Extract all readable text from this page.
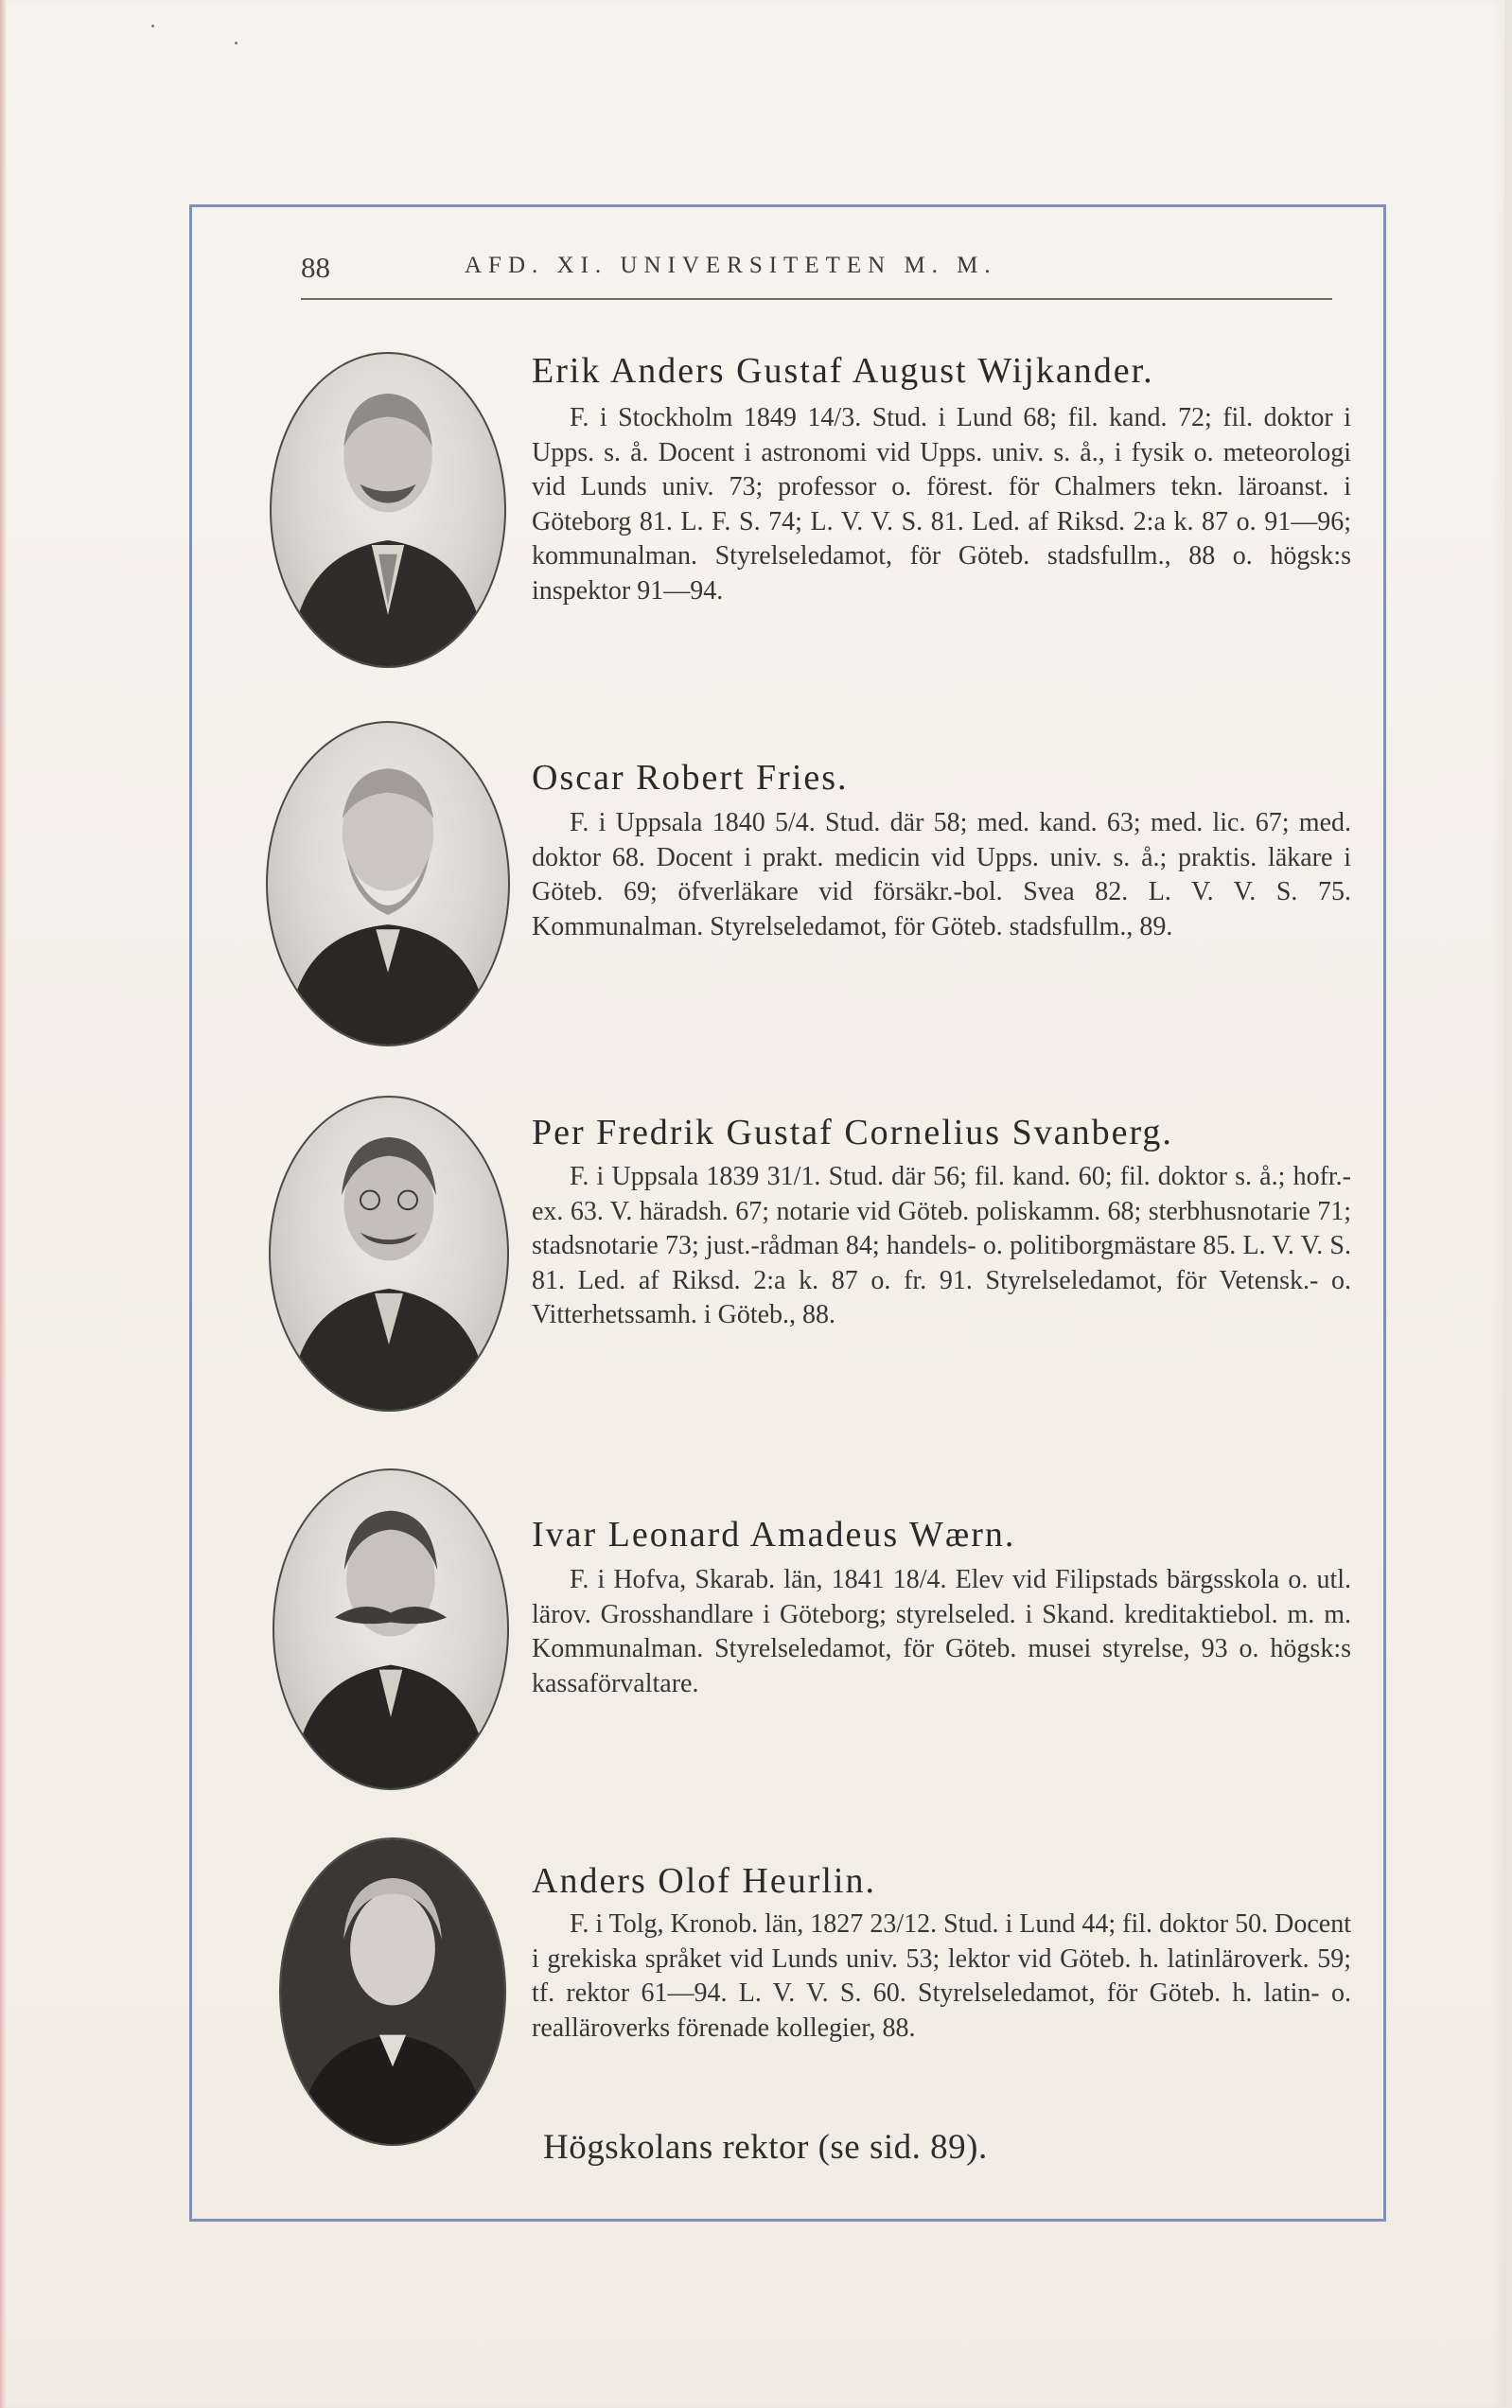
88	AFD. XI. UNIVERSITETEN M. M.
Erik Anders Gustaf August Wijkander.
F. i Stockholm 1849 14/3. Stud. i Lund 68; fil. kand. 72; fil. doktor i Upps. s. å. Docent i astronomi vid Upps. univ. s. å., i fysik o. meteorologi vid Lunds univ. 73; professor o. förest. för Chalmers tekn. läroanst. i Göteborg 81. L. F. S. 74; L. V. V. S. 81. Led. af Riksd. 2:a k. 87 o. 91—96; kommunalman. Styrelseledamot, för Göteb. stadsfullm., 88 o. högsk:s inspektor 91—94.
Oscar Robert Fries.
F. i Uppsala 1840 5/4. Stud. där 58; med. kand. 63; med. lic. 67; med. doktor 68. Docent i prakt. medicin vid Upps. univ. s. å.; praktis. läkare i Göteb. 69; öfverläkare vid försäkr.-bol. Svea 82. L. V. V. S. 75. Kommunalman. Styrelseledamot, för Göteb. stadsfullm., 89.
Per Fredrik Gustaf Cornelius Svanberg.
F. i Uppsala 1839 31/1. Stud. där 56; fil. kand. 60; fil. doktor s. å.; hofr.-ex. 63. V. häradsh. 67; notarie vid Göteb. poliskamm. 68; sterbhusnotarie 71; stadsnotarie 73; just.-rådman 84; handels- o. politiborgmästare 85. L. V. V. S. 81. Led. af Riksd. 2:a k. 87 o. fr. 91. Styrelseledamot, för Vetensk.- o. Vitterhetssamh. i Göteb., 88.
Ivar Leonard Amadeus Wærn.
F. i Hofva, Skarab. län, 1841 18/4. Elev vid Filipstads bärgsskola o. utl. lärov. Grosshandlare i Göteborg; styrelseled. i Skand. kreditaktiebol. m. m. Kommunalman. Styrelseledamot, för Göteb. musei styrelse, 93 o. högsk:s kassaförvaltare.
Anders Olof Heurlin.
F. i Tolg, Kronob. län, 1827 23/12. Stud. i Lund 44; fil. doktor 50. Docent i grekiska språket vid Lunds univ. 53; lektor vid Göteb. h. latinläroverk. 59; tf. rektor 61—94. L. V. V. S. 60. Styrelseledamot, för Göteb. h. latin- o. realläroverks förenade kollegier, 88.
Högskolans rektor (se sid. 89).
